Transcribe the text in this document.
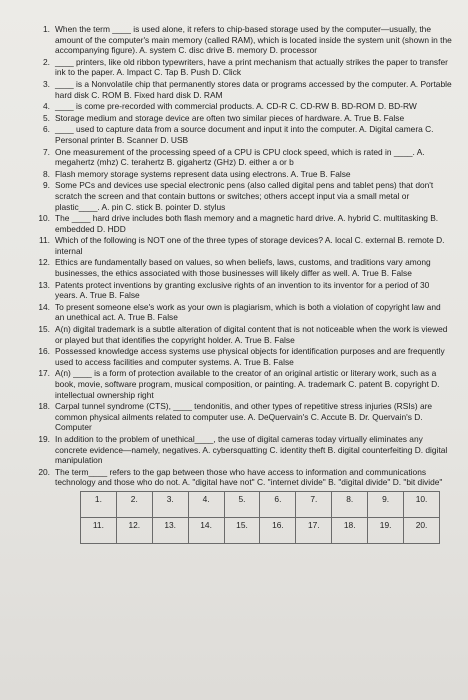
1. When the term ____ is used alone, it refers to chip-based storage used by the computer—usually, the amount of the computer's main memory (called RAM), which is located inside the system unit (shown in the accompanying figure). A. system C. disc drive B. memory D. processor
2. ____ printers, like old ribbon typewriters, have a print mechanism that actually strikes the paper to transfer ink to the paper. A. Impact C. Tap B. Push D. Click
3. ____ is a Nonvolatile chip that permanently stores data or programs accessed by the computer. A. Portable hard disk C. ROM B. Fixed hard disk D. RAM
4. ____ is come pre-recorded with commercial products. A. CD-R C. CD-RW B. BD-ROM D. BD-RW
5. Storage medium and storage device are often two similar pieces of hardware. A. True B. False
6. ____ used to capture data from a source document and input it into the computer. A. Digital camera C. Personal printer B. Scanner D. USB
7. One measurement of the processing speed of a CPU is CPU clock speed, which is rated in ____. A. megahertz (mhz) C. terahertz B. gigahertz (GHz) D. either a or b
8. Flash memory storage systems represent data using electrons. A. True B. False
9. Some PCs and devices use special electronic pens (also called digital pens and tablet pens) that don't scratch the screen and that contain buttons or switches; others accept input via a small metal or plastic____. A. pin C. stick B. pointer D. stylus
10. The ____ hard drive includes both flash memory and a magnetic hard drive. A. hybrid C. multitasking B. embedded D. HDD
11. Which of the following is NOT one of the three types of storage devices? A. local C. external B. remote D. internal
12. Ethics are fundamentally based on values, so when beliefs, laws, customs, and traditions vary among businesses, the ethics associated with those businesses will likely differ as well. A. True B. False
13. Patents protect inventions by granting exclusive rights of an invention to its inventor for a period of 30 years. A. True B. False
14. To present someone else's work as your own is plagiarism, which is both a violation of copyright law and an unethical act. A. True B. False
15. A(n) digital trademark is a subtle alteration of digital content that is not noticeable when the work is viewed or played but that identifies the copyright holder. A. True B. False
16. Possessed knowledge access systems use physical objects for identification purposes and are frequently used to access facilities and computer systems. A. True B. False
17. A(n) ____ is a form of protection available to the creator of an original artistic or literary work, such as a book, movie, software program, musical composition, or painting. A. trademark C. patent B. copyright D. intellectual ownership right
18. Carpal tunnel syndrome (CTS), ____ tendonitis, and other types of repetitive stress injuries (RSIs) are common physical ailments related to computer use. A. DeQuervain's C. Accute B. Dr. Quervain's D. Computer
19. In addition to the problem of unethical____, the use of digital cameras today virtually eliminates any concrete evidence—namely, negatives. A. cybersquatting C. identity theft B. digital counterfeiting D. digital manipulation
20. The term____ refers to the gap between those who have access to information and communications technology and those who do not. A. "digital have not" C. "internet divide" B. "digital divide" D. "bit divide"
1.	2.	3.	4.	5.	6.	7.	8.	9.	10.
11.	12.	13.	14.	15.	16.	17.	18.	19.	20.
